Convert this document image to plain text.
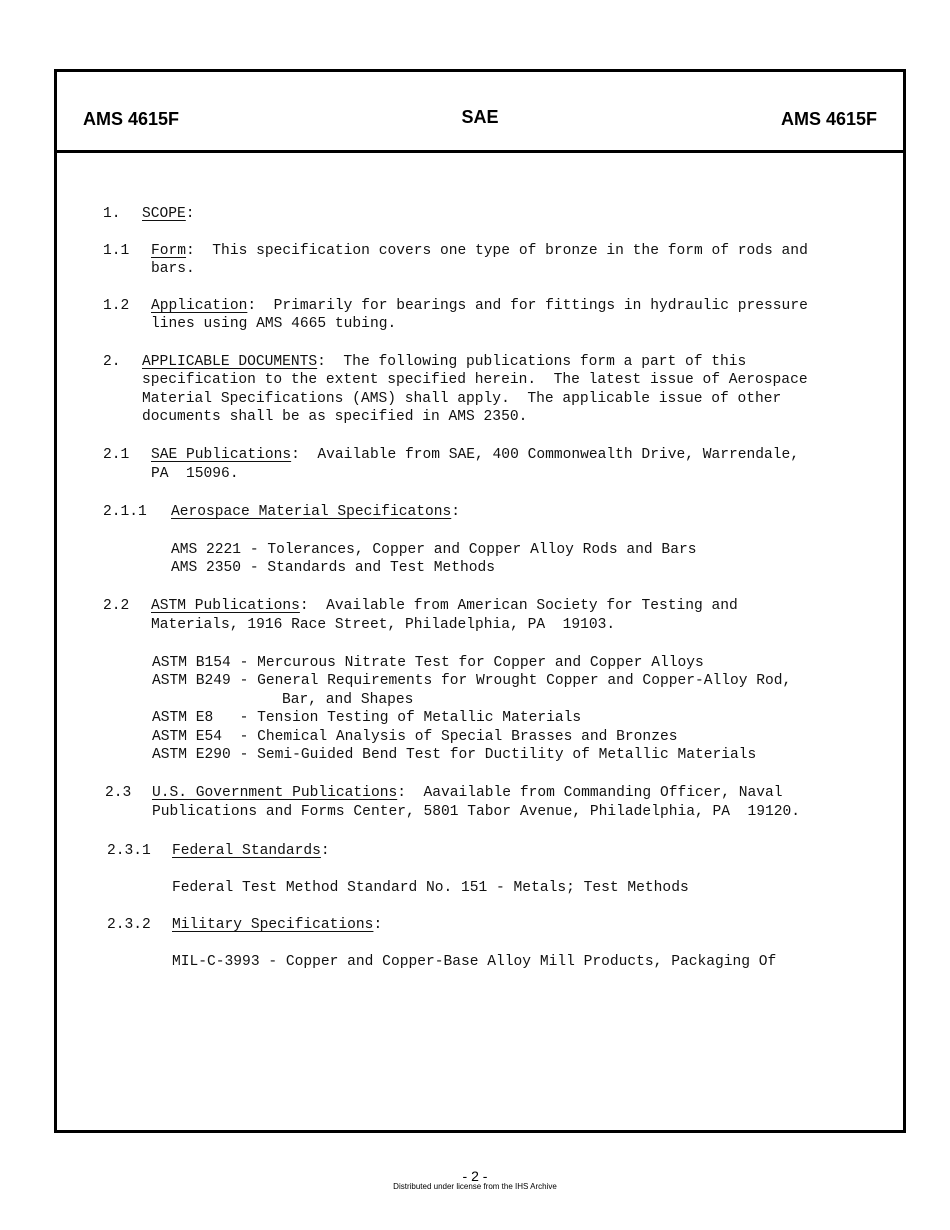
AMS 4615F	SAE	AMS 4615F
1. SCOPE:
1.1 Form:  This specification covers one type of bronze in the form of rods and
bars.
1.2 Application:  Primarily for bearings and for fittings in hydraulic pressure
lines using AMS 4665 tubing.
2. APPLICABLE DOCUMENTS:  The following publications form a part of this
specification to the extent specified herein.  The latest issue of Aerospace
Material Specifications (AMS) shall apply.  The applicable issue of other
documents shall be as specified in AMS 2350.
2.1 SAE Publications:  Available from SAE, 400 Commonwealth Drive, Warrendale,
PA  15096.
2.1.1 Aerospace Material Specificatons:
AMS 2221 - Tolerances, Copper and Copper Alloy Rods and Bars
AMS 2350 - Standards and Test Methods
2.2 ASTM Publications:  Available from American Society for Testing and
Materials, 1916 Race Street, Philadelphia, PA  19103.
ASTM B154 - Mercurous Nitrate Test for Copper and Copper Alloys
ASTM B249 - General Requirements for Wrought Copper and Copper-Alloy Rod,
Bar, and Shapes
ASTM E8   - Tension Testing of Metallic Materials
ASTM E54  - Chemical Analysis of Special Brasses and Bronzes
ASTM E290 - Semi-Guided Bend Test for Ductility of Metallic Materials
2.3 U.S. Government Publications:  Aavailable from Commanding Officer, Naval
Publications and Forms Center, 5801 Tabor Avenue, Philadelphia, PA  19120.
2.3.1 Federal Standards:
Federal Test Method Standard No. 151 - Metals; Test Methods
2.3.2 Military Specifications:
MIL-C-3993 - Copper and Copper-Base Alloy Mill Products, Packaging Of
- 2 -
Distributed under license from the IHS Archive
